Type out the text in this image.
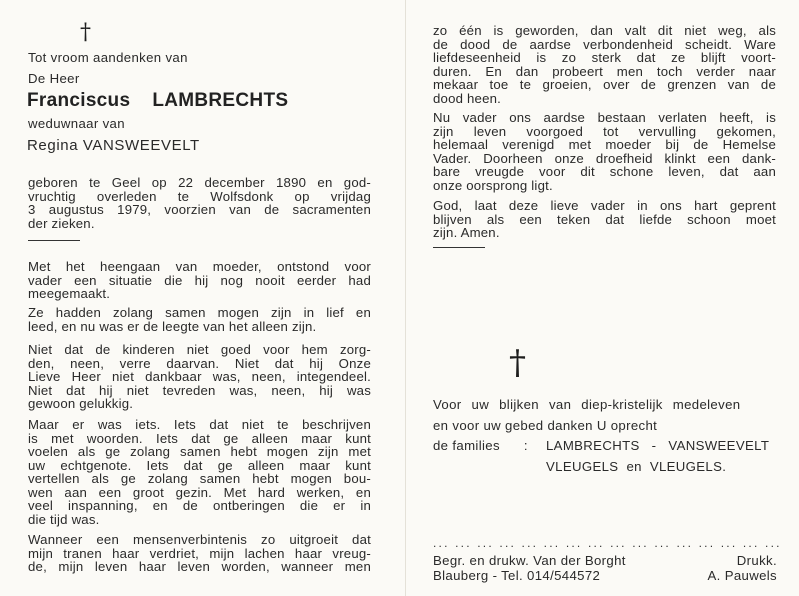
†
Tot vroom aandenken van
De Heer
Franciscus LAMBRECHTS
weduwnaar van
Regina VANSWEEVELT
geboren te Geel op 22 december 1890 en god-
vruchtig overleden te Wolfsdonk op vrijdag
3 augustus 1979, voorzien van de sacramenten
der zieken.
Met het heengaan van moeder, ontstond voor
vader een situatie die hij nog nooit eerder had
meegemaakt.
Ze hadden zolang samen mogen zijn in lief en
leed, en nu was er de leegte van het alleen zijn.
Niet dat de kinderen niet goed voor hem zorg-
den, neen, verre daarvan. Niet dat hij Onze
Lieve Heer niet dankbaar was, neen, integendeel.
Niet dat hij niet tevreden was, neen, hij was
gewoon gelukkig.
Maar er was iets. Iets dat niet te beschrijven
is met woorden. Iets dat ge alleen maar kunt
voelen als ge zolang samen hebt mogen zijn met
uw echtgenote. Iets dat ge alleen maar kunt
vertellen als ge zolang samen hebt mogen bou-
wen aan een groot gezin. Met hard werken, en
veel inspanning, en de ontberingen die er in
die tijd was.
Wanneer een mensenverbintenis zo uitgroeit dat
mijn tranen haar verdriet, mijn lachen haar vreug-
de, mijn leven haar leven worden, wanneer men
zo één is geworden, dan valt dit niet weg, als
de dood de aardse verbondenheid scheidt. Ware
liefdeseenheid is zo sterk dat ze blijft voort-
duren. En dan probeert men toch verder naar
mekaar toe te groeien, over de grenzen van de
dood heen.
Nu vader ons aardse bestaan verlaten heeft, is
zijn leven voorgoed tot vervulling gekomen,
helemaal verenigd met moeder bij de Hemelse
Vader. Doorheen onze droefheid klinkt een dank-
bare vreugde voor dit schone leven, dat aan
onze oorsprong ligt.
God, laat deze lieve vader in ons hart geprent
blijven als een teken dat liefde schoon moet
zijn. Amen.
†
Voor uw blijken van diep-kristelijk medeleven
en voor uw gebed danken U oprecht
de families : LAMBRECHTS - VANSWEEVELT
VLEUGELS en VLEUGELS.
... ... ... ... ... ... ... ... ... ... ... ... ... ... ... ...
Begr. en drukw. Van der Borght
Blauberg - Tel. 014/544572
Drukk.
A. Pauwels
